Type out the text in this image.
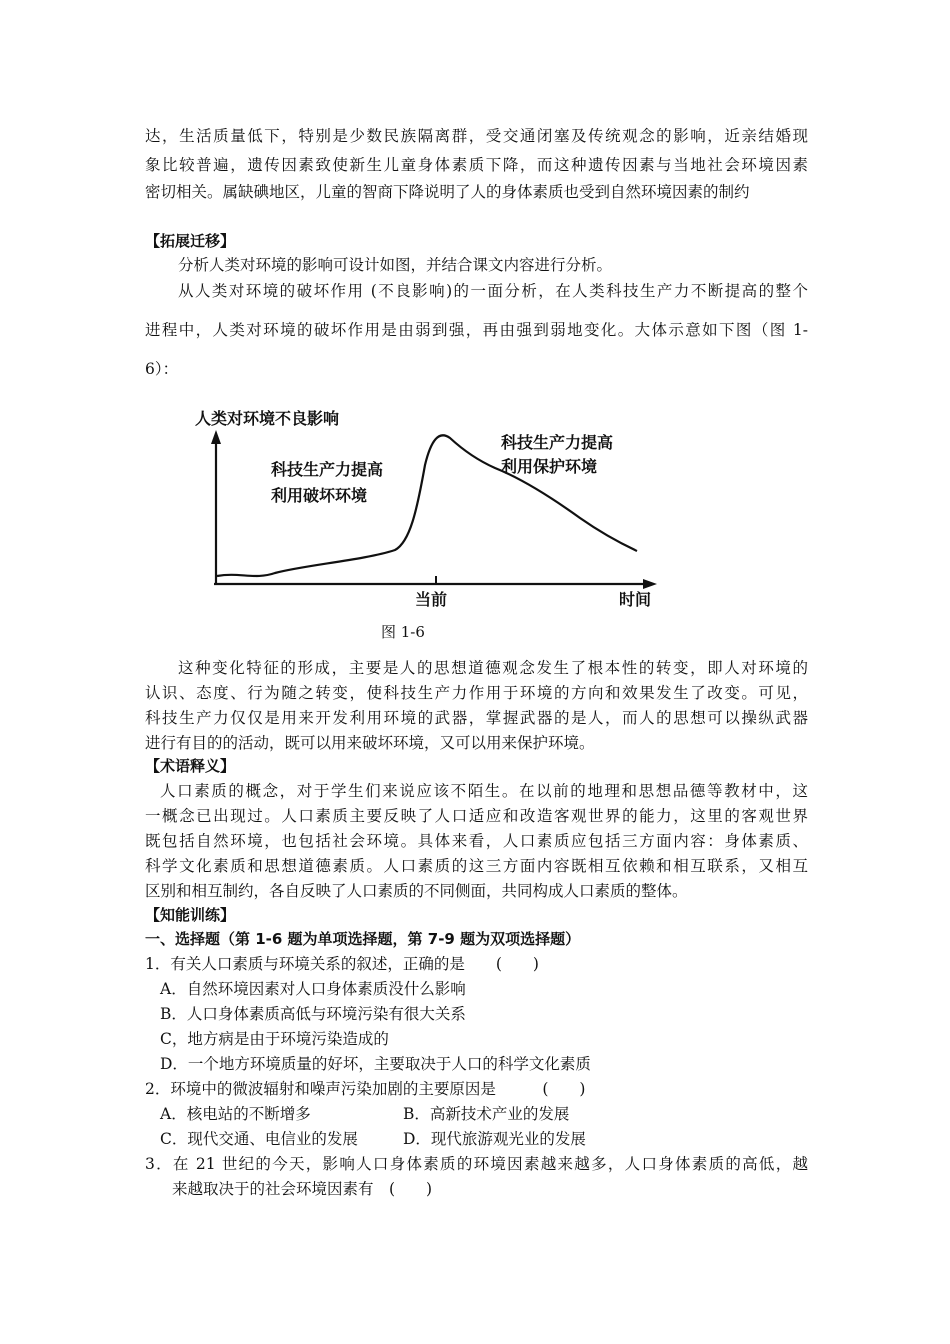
达，生活质量低下，特别是少数民族隔离群，受交通闭塞及传统观念的影响，近亲结婚现
象比较普遍，遗传因素致使新生儿童身体素质下降，而这种遗传因素与当地社会环境因素
密切相关。属缺碘地区，儿童的智商下降说明了人的身体素质也受到自然环境因素的制约
【拓展迁移】
分析人类对环境的影响可设计如图，并结合课文内容进行分析。
从人类对环境的破坏作用 (不良影响)的一面分析，在人类科技生产力不断提高的整个
进程中，人类对环境的破坏作用是由弱到强，再由强到弱地变化。大体示意如下图（图 1-
6）：
人类对环境不良影响
当前	时间
科技生产力提高
利用破坏环境
科技生产力提高
利用保护环境
图 1-6
这种变化特征的形成，主要是人的思想道德观念发生了根本性的转变，即人对环境的
认识、态度、行为随之转变，使科技生产力作用于环境的方向和效果发生了改变。可见，
科技生产力仅仅是用来开发利用环境的武器，掌握武器的是人，而人的思想可以操纵武器
进行有目的的活动，既可以用来破坏环境，又可以用来保护环境。
【术语释义】
人口素质的概念，对于学生们来说应该不陌生。在以前的地理和思想品德等教材中，这
一概念已出现过。人口素质主要反映了人口适应和改造客观世界的能力，这里的客观世界
既包括自然环境，也包括社会环境。具体来看，人口素质应包括三方面内容：身体素质、
科学文化素质和思想道德素质。人口素质的这三方面内容既相互依赖和相互联系，又相互
区别和相互制约，各自反映了人口素质的不同侧面，共同构成人口素质的整体。
【知能训练】
一、选择题（第 1-6 题为单项选择题，第 7-9 题为双项选择题）
1．有关人口素质与环境关系的叙述，正确的是　　(　　)
A．自然环境因素对人口身体素质没什么影响
B．人口身体素质高低与环境污染有很大关系
C，地方病是由于环境污染造成的
D．一个地方环境质量的好坏，主要取决于人口的科学文化素质
2．环境中的微波辐射和噪声污染加剧的主要原因是　　　(　　)
A．核电站的不断增多	B．高新技术产业的发展
C．现代交通、电信业的发展	D．现代旅游观光业的发展
3．在 21 世纪的今天，影响人口身体素质的环境因素越来越多，人口身体素质的高低，越
来越取决于的社会环境因素有　(　　)
